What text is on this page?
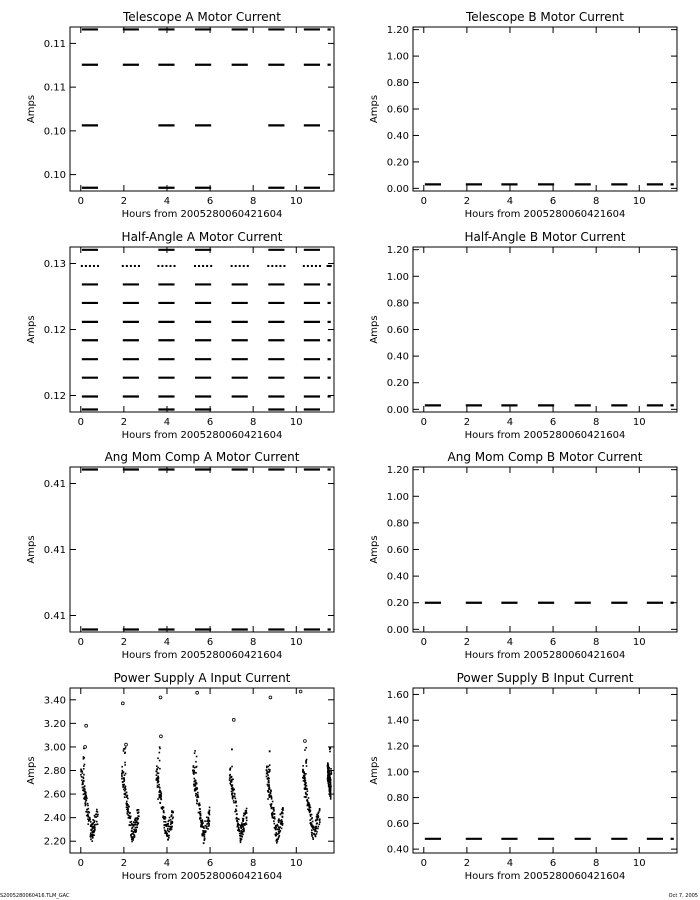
Telescope A Motor Current
Hours from 2005280060421604
Amps
0	2	4	6	8	10
0.10
0.10
0.11
0.11
Telescope B Motor Current
Hours from 2005280060421604
Amps
0	2	4	6	8	10
0.00
0.20
0.40
0.60
0.80
1.00
1.20
Half-Angle A Motor Current
Hours from 2005280060421604
Amps
0	2	4	6	8	10
0.12
0.12
0.13
Half-Angle B Motor Current
Hours from 2005280060421604
Amps
0	2	4	6	8	10
0.00
0.20
0.40
0.60
0.80
1.00
1.20
Ang Mom Comp A Motor Current
Hours from 2005280060421604
Amps
0	2	4	6	8	10
0.41
0.41
0.41
Ang Mom Comp B Motor Current
Hours from 2005280060421604
Amps
0	2	4	6	8	10
0.00
0.20
0.40
0.60
0.80
1.00
1.20
Power Supply A Input Current
Hours from 2005280060421604
Amps
0	2	4	6	8	10
2.20
2.40
2.60
2.80
3.00
3.20
3.40
Power Supply B Input Current
Hours from 2005280060421604
Amps
0	2	4	6	8	10
0.40
0.60
0.80
1.00
1.20
1.40
1.60
S2005280060416.TLM_GAC	Oct 7, 2005
